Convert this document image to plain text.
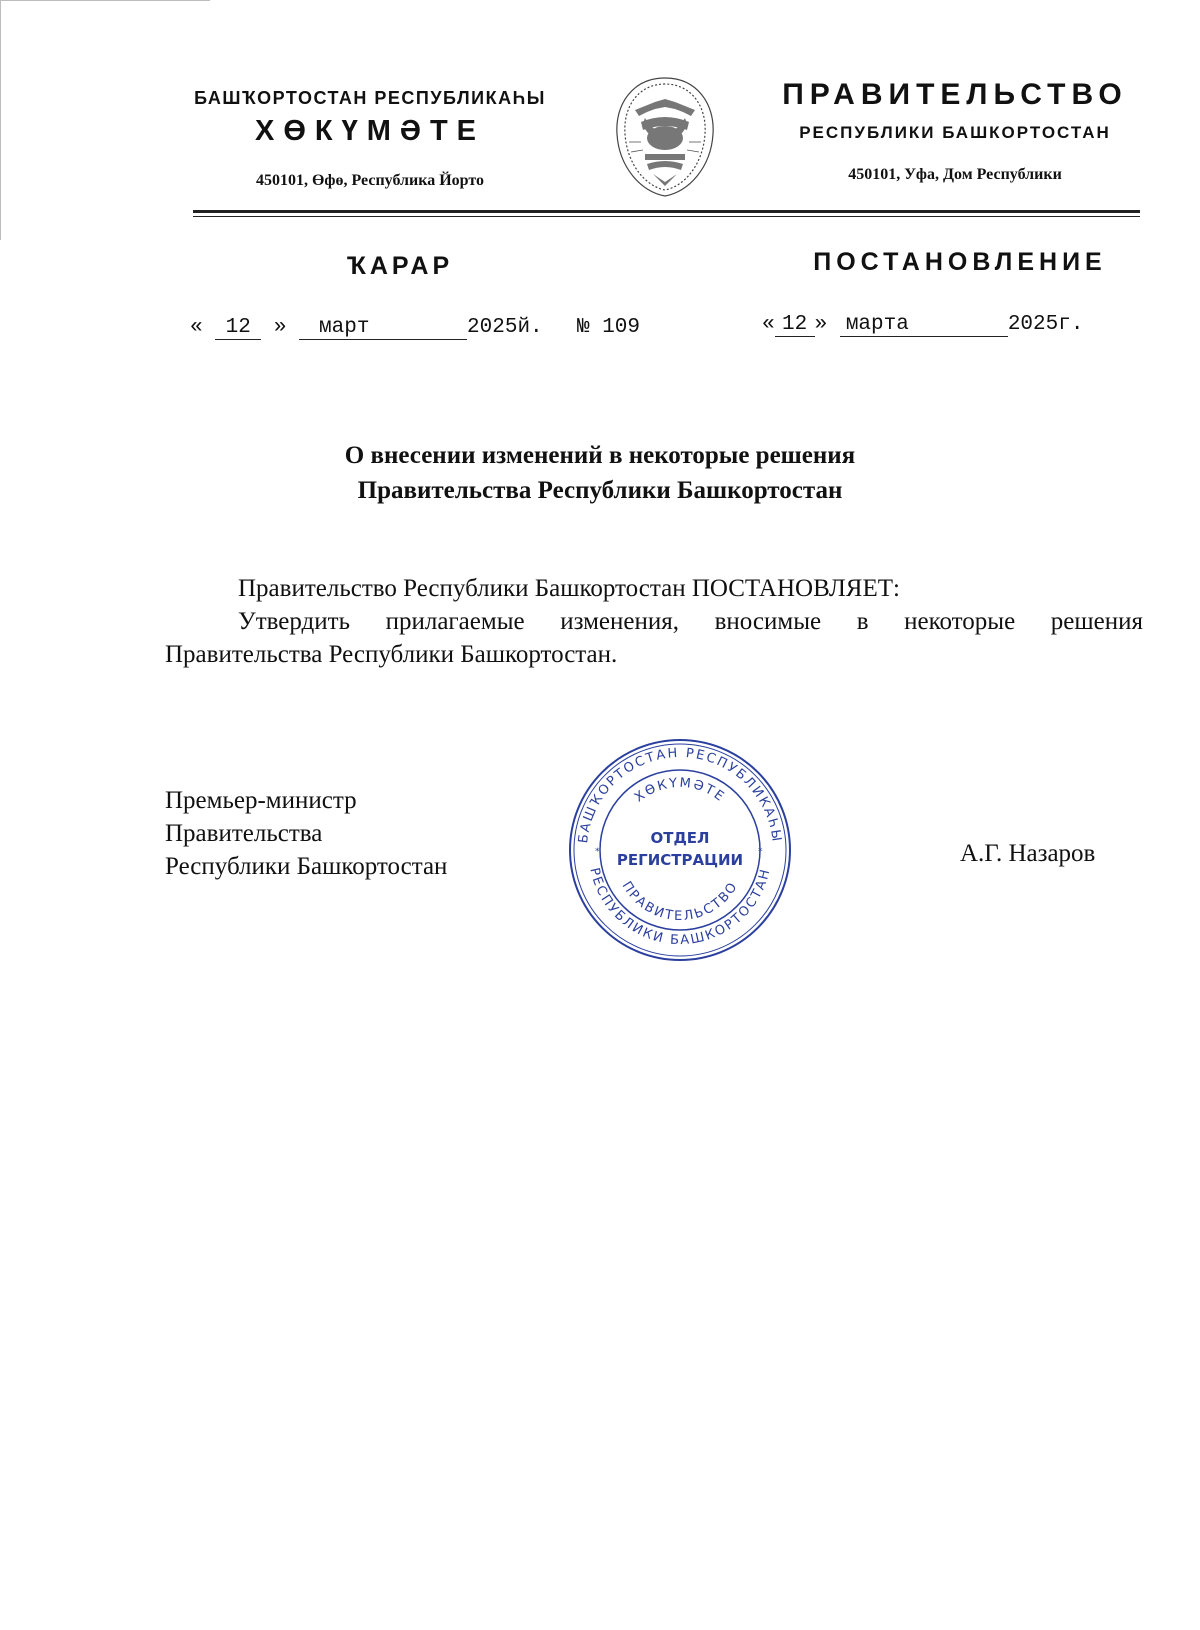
БАШҠОРТОСТАН РЕСПУБЛИКАҺЫ
ХӨКҮМӘТЕ
450101, Өфө, Республика Йорто
ПРАВИТЕЛЬСТВО
РЕСПУБЛИКИ БАШКОРТОСТАН
450101, Уфа, Дом Республики
ҠАРАР	ПОСТАНОВЛЕНИЕ
« 12 » март	2025й. № 109	« 12 » марта	2025г.
О внесении изменений в некоторые решения
Правительства Республики Башкортостан
Правительство Республики Башкортостан ПОСТАНОВЛЯЕТ:
Утвердить прилагаемые изменения, вносимые в некоторые решения
Правительства Республики Башкортостан.
Премьер-министр
Правительства
Республики Башкортостан	А.Г. Назаров
БАШҠОРТОСТАН РЕСПУБЛИКАҺЫ
ХӨКҮМӘТЕ
РЕСПУБЛИКИ БАШКОРТОСТАН
ПРАВИТЕЛЬСТВО
ОТДЕЛ
РЕГИСТРАЦИИ
*	*
